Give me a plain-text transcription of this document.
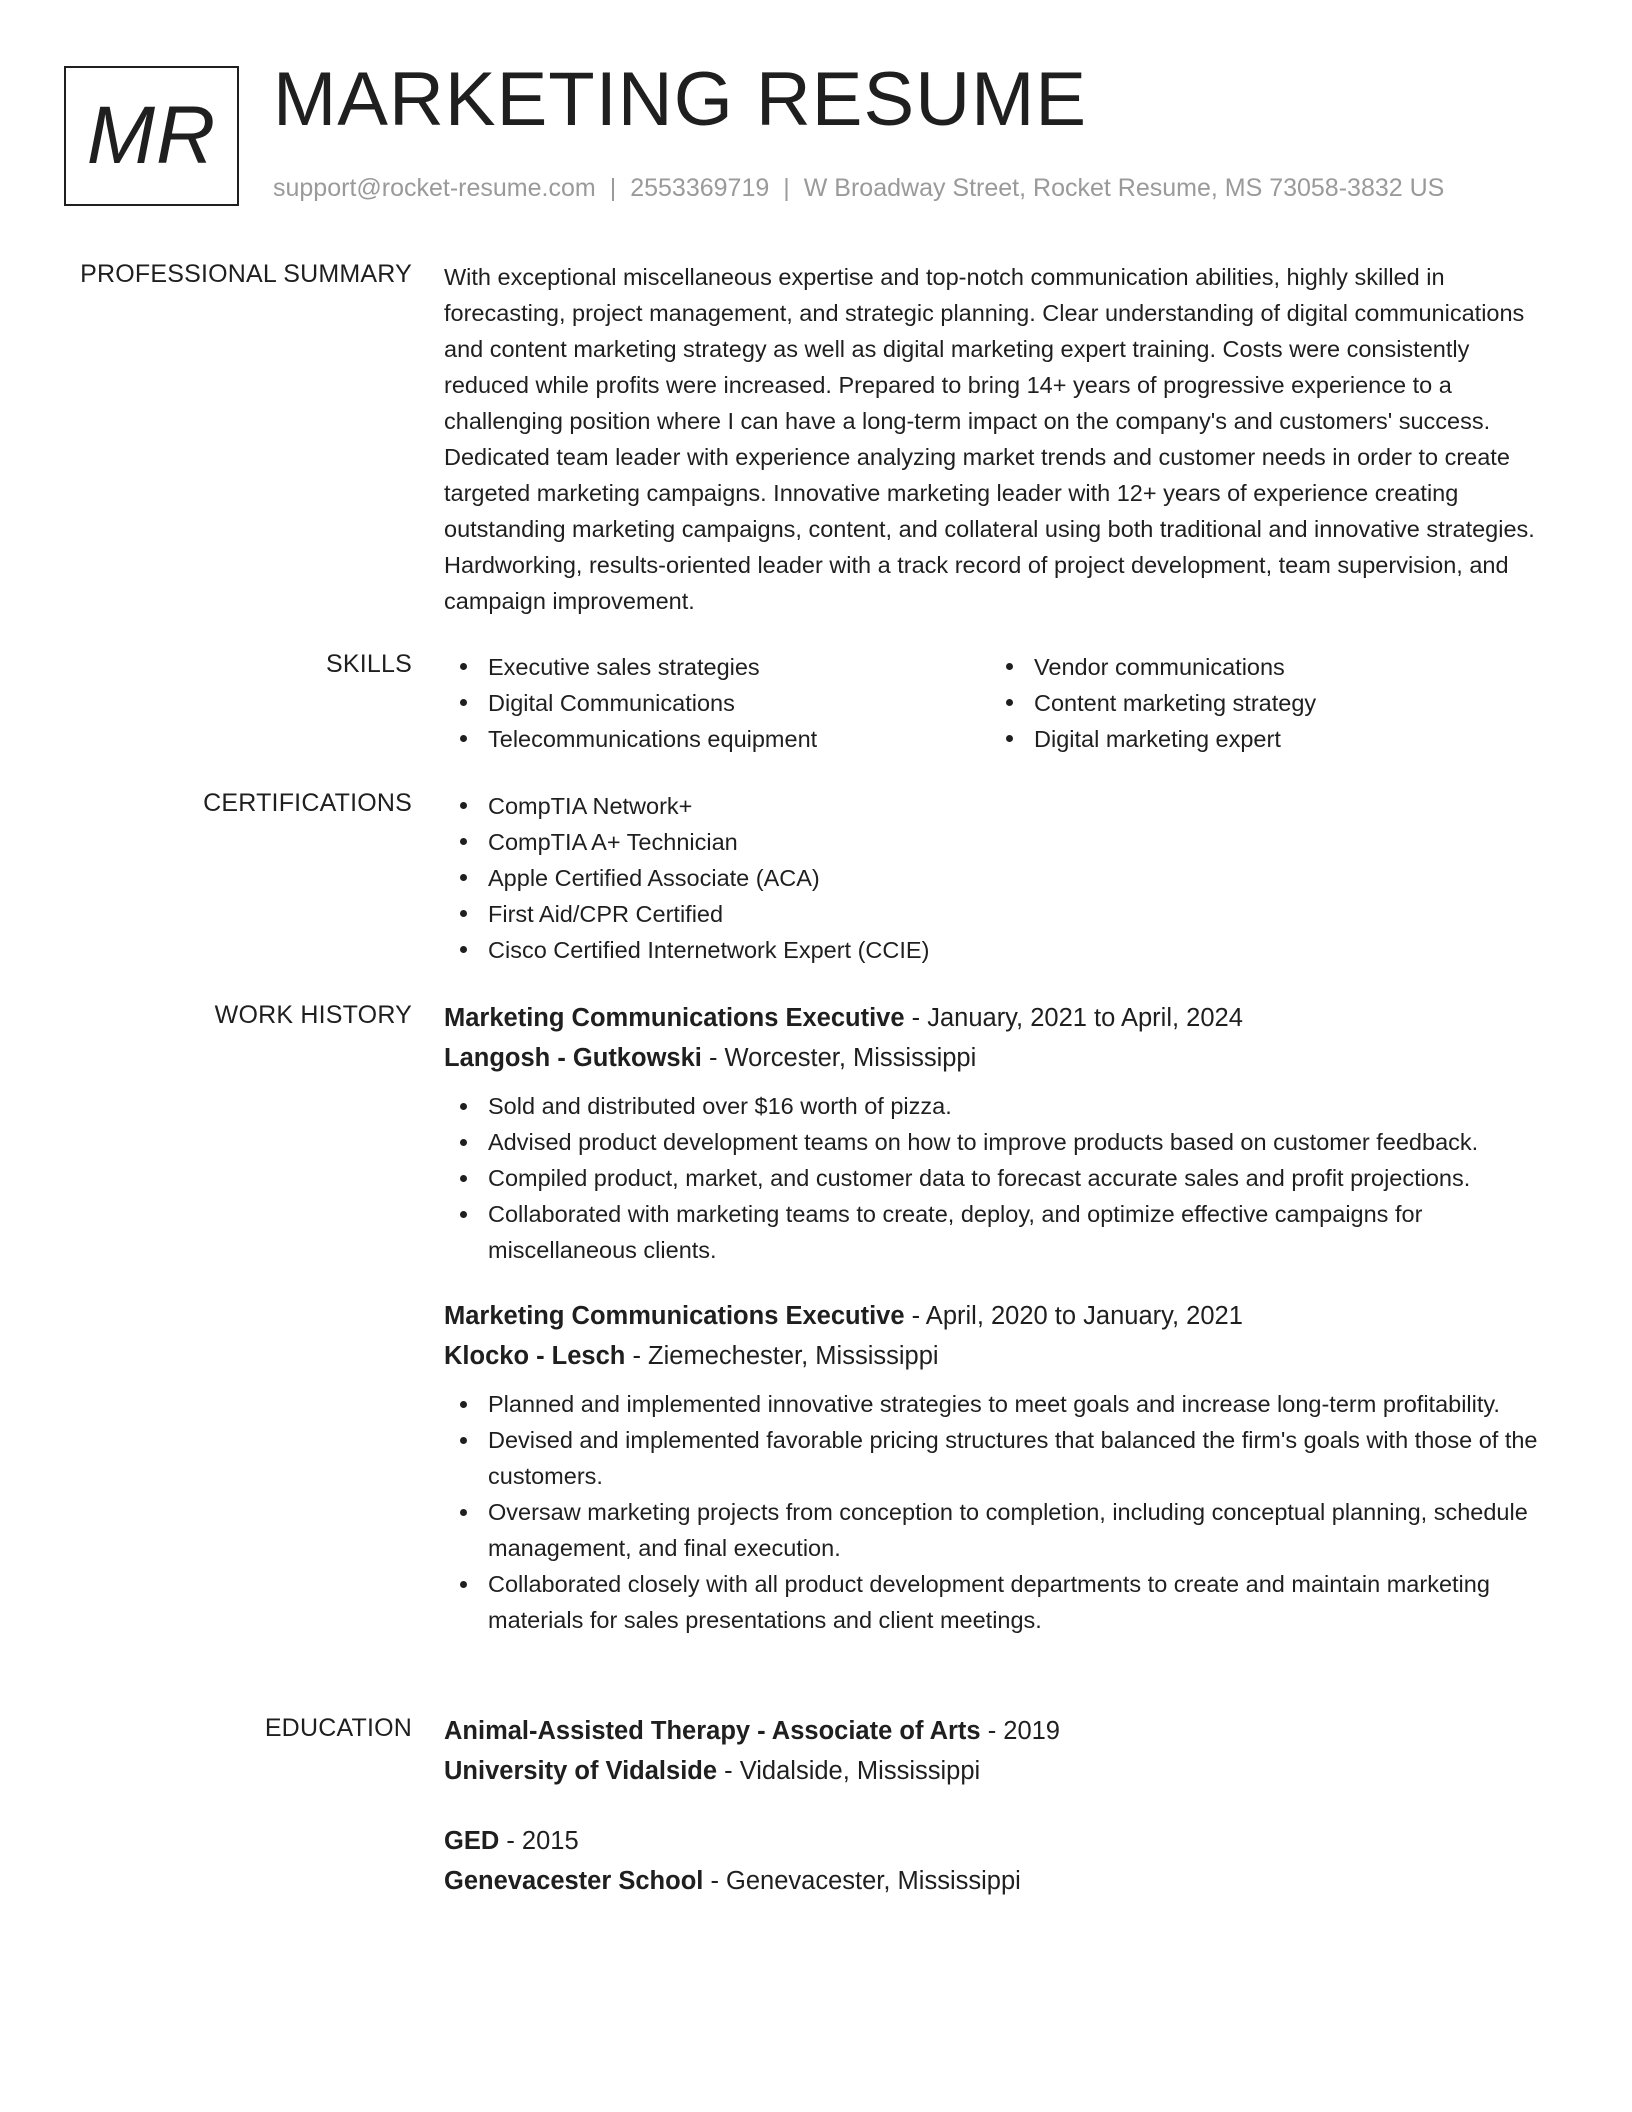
MR MARKETING RESUME
support@rocket-resume.com | 2553369719 | W Broadway Street, Rocket Resume, MS 73058-3832 US
PROFESSIONAL SUMMARY With exceptional miscellaneous expertise and top-notch communication abilities, highly skilled in forecasting, project management, and strategic planning. Clear understanding of digital communications and content marketing strategy as well as digital marketing expert training. Costs were consistently reduced while profits were increased. Prepared to bring 14+ years of progressive experience to a challenging position where I can have a long-term impact on the company's and customers' success. Dedicated team leader with experience analyzing market trends and customer needs in order to create targeted marketing campaigns. Innovative marketing leader with 12+ years of experience creating outstanding marketing campaigns, content, and collateral using both traditional and innovative strategies. Hardworking, results-oriented leader with a track record of project development, team supervision, and campaign improvement.

SKILLS	Executive sales strategies
Digital Communications
Telecommunications equipment
Vendor communications
Content marketing strategy
Digital marketing expert
CERTIFICATIONS	CompTIA Network+
CompTIA A+ Technician
Apple Certified Associate (ACA)
First Aid/CPR Certified
Cisco Certified Internetwork Expert (CCIE)
WORK HISTORY Marketing Communications Executive - January, 2021 to April, 2024
Langosh - Gutkowski - Worcester, Mississippi
Sold and distributed over $16 worth of pizza.
Advised product development teams on how to improve products based on customer feedback.
Compiled product, market, and customer data to forecast accurate sales and profit projections.
Collaborated with marketing teams to create, deploy, and optimize effective campaigns for miscellaneous clients.
Marketing Communications Executive - April, 2020 to January, 2021
Klocko - Lesch - Ziemechester, Mississippi
Planned and implemented innovative strategies to meet goals and increase long-term profitability.
Devised and implemented favorable pricing structures that balanced the firm's goals with those of the customers.
Oversaw marketing projects from conception to completion, including conceptual planning, schedule management, and final execution.
Collaborated closely with all product development departments to create and maintain marketing materials for sales presentations and client meetings.
EDUCATION Animal-Assisted Therapy - Associate of Arts - 2019
University of Vidalside - Vidalside, Mississippi
GED - 2015
Genevacester School - Genevacester, Mississippi
